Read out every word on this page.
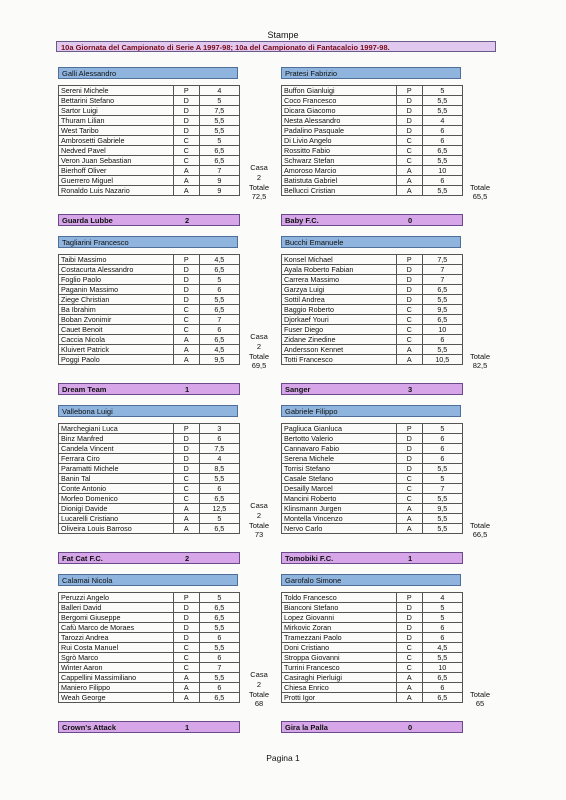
Stampe
10a Giornata del Campionato di Serie A 1997-98; 10a del Campionato di Fantacalcio 1997-98.
Galli Alessandro
Sereni Michele	P	4
Bettarini Stefano	D	5
Sartor Luigi	D	7,5
Thuram Lilian	D	5,5
West Taribo	D	5,5
Ambrosetti Gabriele	C	5
Nedved Pavel	C	6,5
Veron Juan Sebastian	C	6,5
Bierhoff Oliver	A	7
Guerrero Miguel	A	9
Ronaldo Luis Nazario	A	9
Casa
2
Totale
72,5
Guarda Lubbe	2
Pratesi Fabrizio
Buffon Gianluigi	P	5
Coco Francesco	D	5,5
Dicara Giacomo	D	5,5
Nesta Alessandro	D	4
Padalino Pasquale	D	6
Di Livio Angelo	C	6
Rossitto Fabio	C	6,5
Schwarz Stefan	C	5,5
Amoroso Marcio	A	10
Batistuta Gabriel	A	6
Bellucci Cristian	A	5,5	Totale
65,5
Baby F.C.	0
Tagliarini Francesco
Taibi Massimo	P	4,5
Costacurta Alessandro	D	6,5
Foglio Paolo	D	5
Paganin Massimo	D	6
Ziege Christian	D	5,5
Ba Ibrahim	C	6,5
Boban Zvonimir	C	7
Cauet Benoit	C	6
Caccia Nicola	A	6,5
Kluivert Patrick	A	4,5
Poggi Paolo	A	9,5
Casa
2
Totale
69,5
Dream Team	1
Bucchi Emanuele
Konsel Michael	P	7,5
Ayala Roberto Fabian	D	7
Carrera Massimo	D	7
Garzya Luigi	D	6,5
Sottil Andrea	D	5,5
Baggio Roberto	C	9,5
Djorkaef Youri	C	6,5
Fuser Diego	C	10
Zidane Zinedine	C	6
Andersson Kennet	A	5,5
Totti Francesco	A	10,5	Totale
82,5
Sanger	3
Vallebona Luigi
Marchegiani Luca	P	3
Binz Manfred	D	6
Candela Vincent	D	7,5
Ferrara Ciro	D	4
Paramatti Michele	D	8,5
Banin Tal	C	5,5
Conte Antonio	C	6
Morfeo Domenico	C	6,5
Dionigi Davide	A	12,5
Lucarelli Cristiano	A	5
Oliveira Louis Barroso	A	6,5
Casa
2
Totale
73
Fat Cat F.C.	2
Gabriele Filippo
Pagliuca Gianluca	P	5
Bertotto Valerio	D	6
Cannavaro Fabio	D	6
Serena Michele	D	6
Torrisi Stefano	D	5,5
Casale Stefano	C	5
Desailly Marcel	C	7
Mancini Roberto	C	5,5
Klinsmann Jurgen	A	9,5
Montella Vincenzo	A	5,5
Nervo Carlo	A	5,5	Totale
66,5
Tomobiki F.C.	1
Calamai Nicola
Peruzzi Angelo	P	5
Balleri David	D	6,5
Bergomi Giuseppe	D	6,5
Cafù Marco de Moraes	D	5,5
Tarozzi Andrea	D	6
Rui Costa Manuel	C	5,5
Sgrò Marco	C	6
Winter Aaron	C	7
Cappellini Massimiliano	A	5,5
Maniero Filippo	A	6
Weah George	A	6,5
Casa
2
Totale
68
Crown's Attack	1
Garofalo Simone
Toldo Francesco	P	4
Bianconi Stefano	D	5
Lopez Giovanni	D	5
Mirkovic Zoran	D	6
Tramezzani Paolo	D	6
Doni Cristiano	C	4,5
Stroppa Giovanni	C	5,5
Turrini Francesco	C	10
Casiraghi Pierluigi	A	6,5
Chiesa Enrico	A	6
Protti Igor	A	6,5	Totale
65
Gira la Palla	0
Pagina 1
